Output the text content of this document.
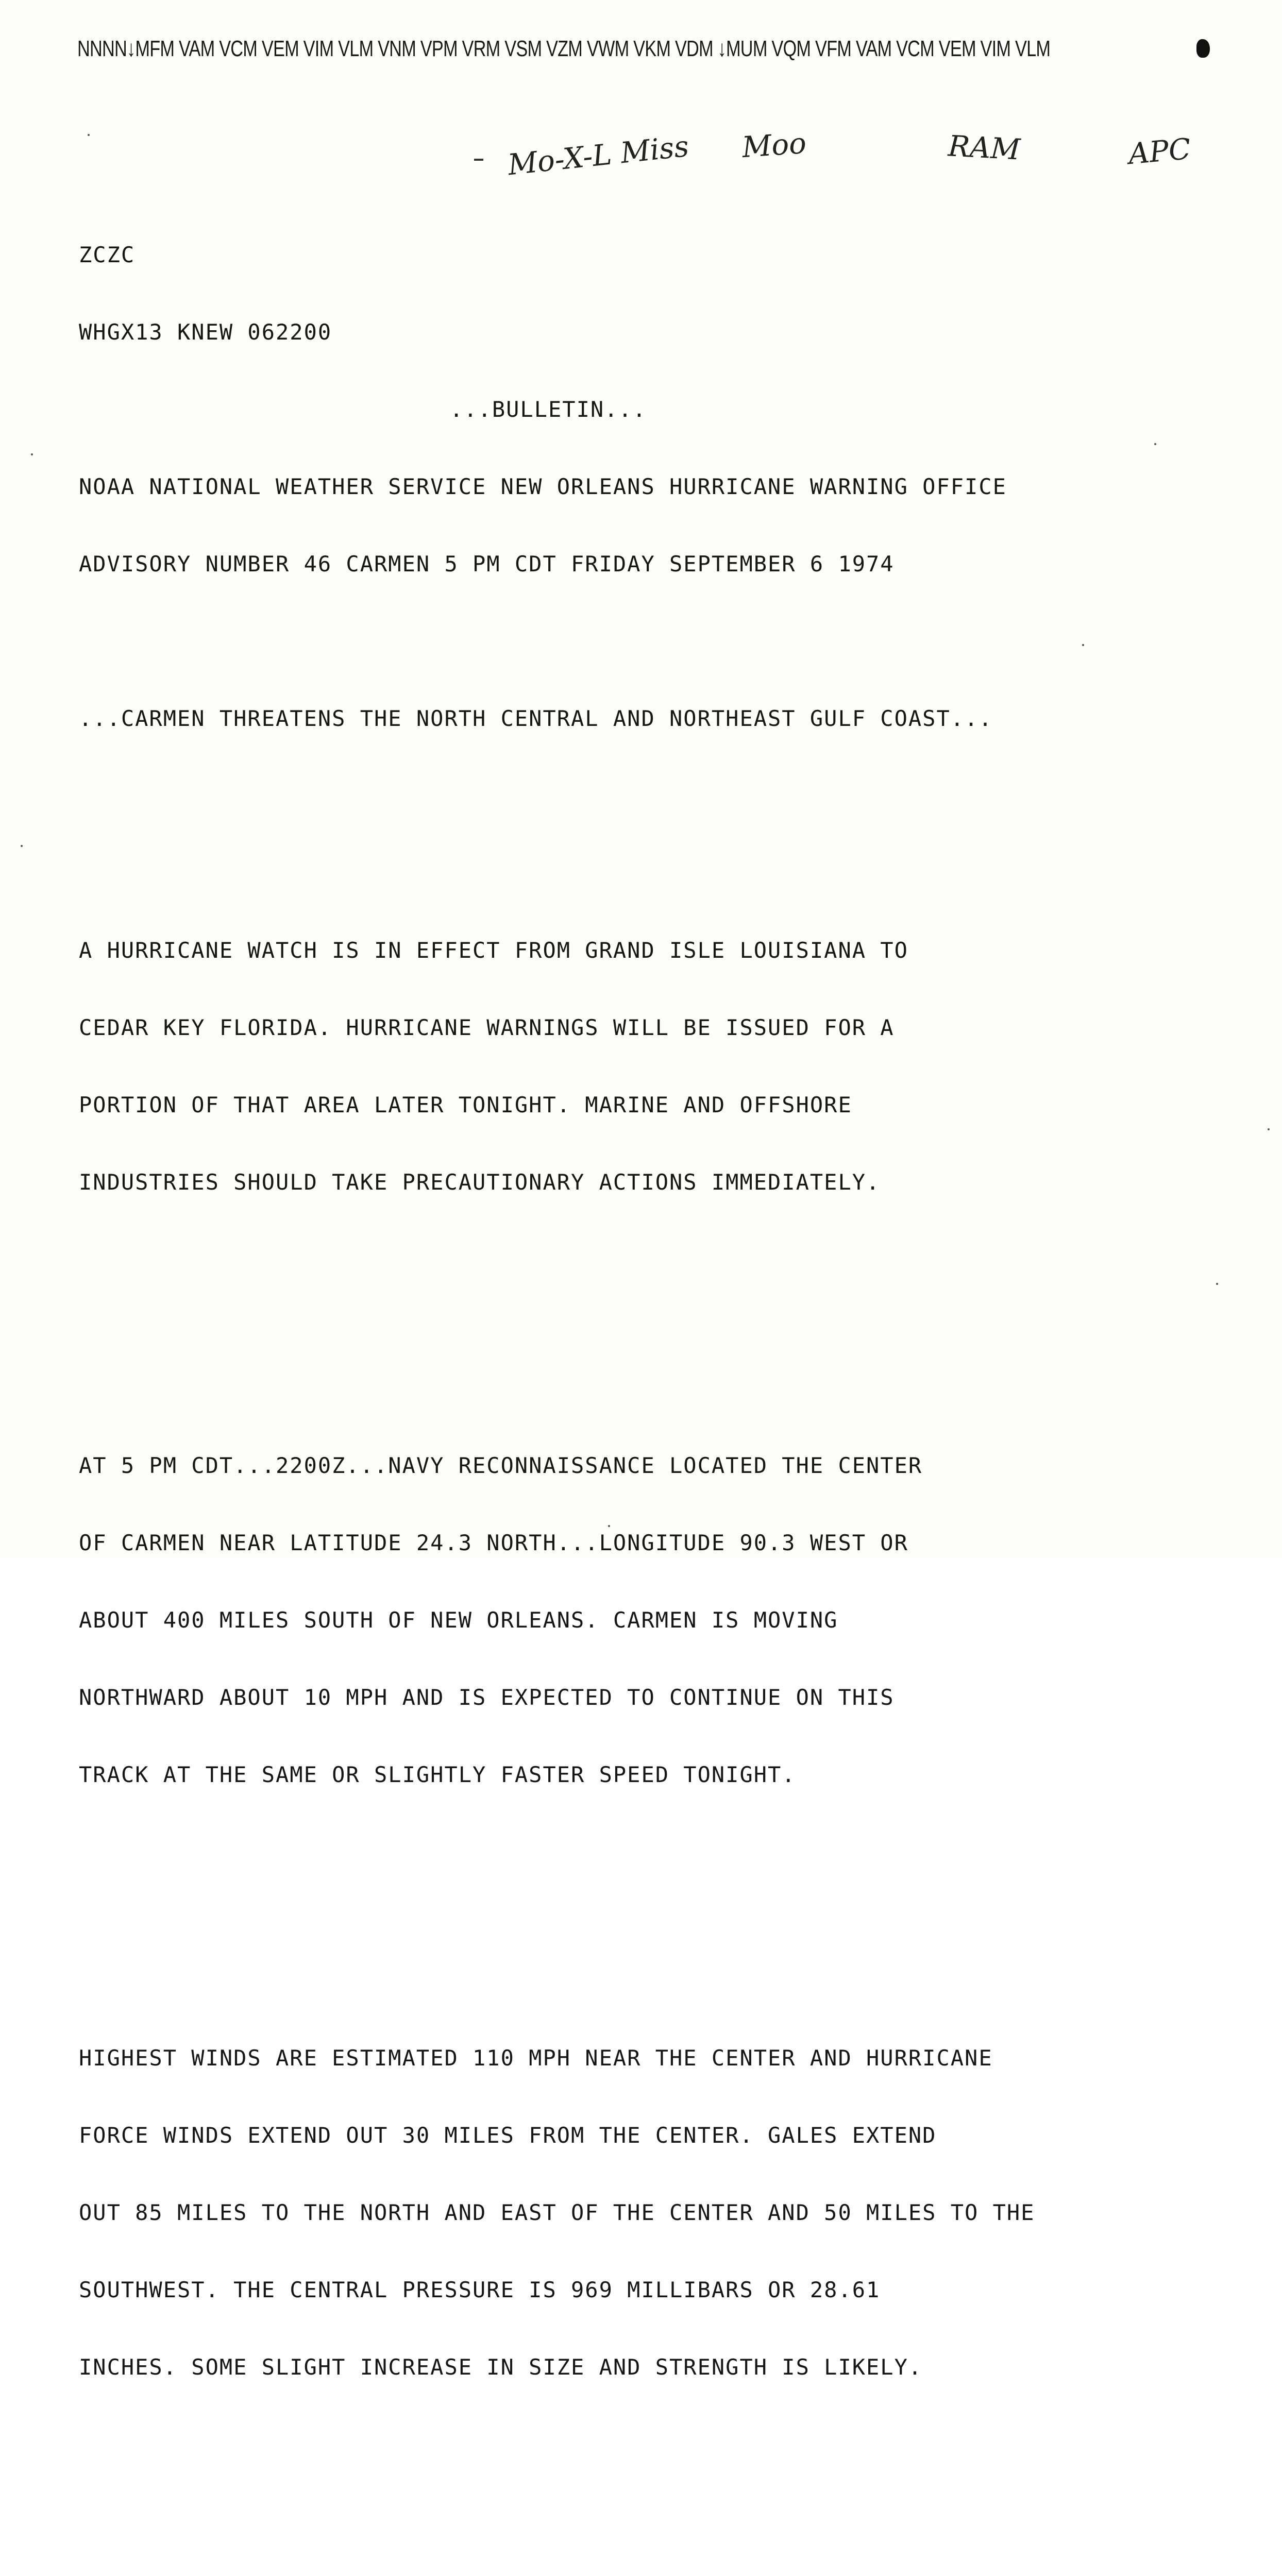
NNNN↓MFM VAM VCM VEM VIM VLM VNM VPM VRM VSM VZM VWM VKM VDM ↓MUM VQM VFM VAM VCM VEM VIM VLM
Mo-X-L Miss Moo	RAM	APC

ZCZC

WHGX13 KNEW 062200

...BULLETIN...

NOAA NATIONAL WEATHER SERVICE NEW ORLEANS HURRICANE WARNING OFFICE

ADVISORY NUMBER 46 CARMEN 5 PM CDT FRIDAY SEPTEMBER 6 1974

...CARMEN THREATENS THE NORTH CENTRAL AND NORTHEAST GULF COAST...

A HURRICANE WATCH IS IN EFFECT FROM GRAND ISLE LOUISIANA TO

CEDAR KEY FLORIDA. HURRICANE WARNINGS WILL BE ISSUED FOR A

PORTION OF THAT AREA LATER TONIGHT. MARINE AND OFFSHORE

INDUSTRIES SHOULD TAKE PRECAUTIONARY ACTIONS IMMEDIATELY.

AT 5 PM CDT...2200Z...NAVY RECONNAISSANCE LOCATED THE CENTER

OF CARMEN NEAR LATITUDE 24.3 NORTH...LONGITUDE 90.3 WEST OR

ABOUT 400 MILES SOUTH OF NEW ORLEANS. CARMEN IS MOVING

NORTHWARD ABOUT 10 MPH AND IS EXPECTED TO CONTINUE ON THIS

TRACK AT THE SAME OR SLIGHTLY FASTER SPEED TONIGHT.

HIGHEST WINDS ARE ESTIMATED 110 MPH NEAR THE CENTER AND HURRICANE

FORCE WINDS EXTEND OUT 30 MILES FROM THE CENTER. GALES EXTEND

OUT 85 MILES TO THE NORTH AND EAST OF THE CENTER AND 50 MILES TO THE

SOUTHWEST. THE CENTRAL PRESSURE IS 969 MILLIBARS OR 28.61

INCHES. SOME SLIGHT INCREASE IN SIZE AND STRENGTH IS LIKELY.
